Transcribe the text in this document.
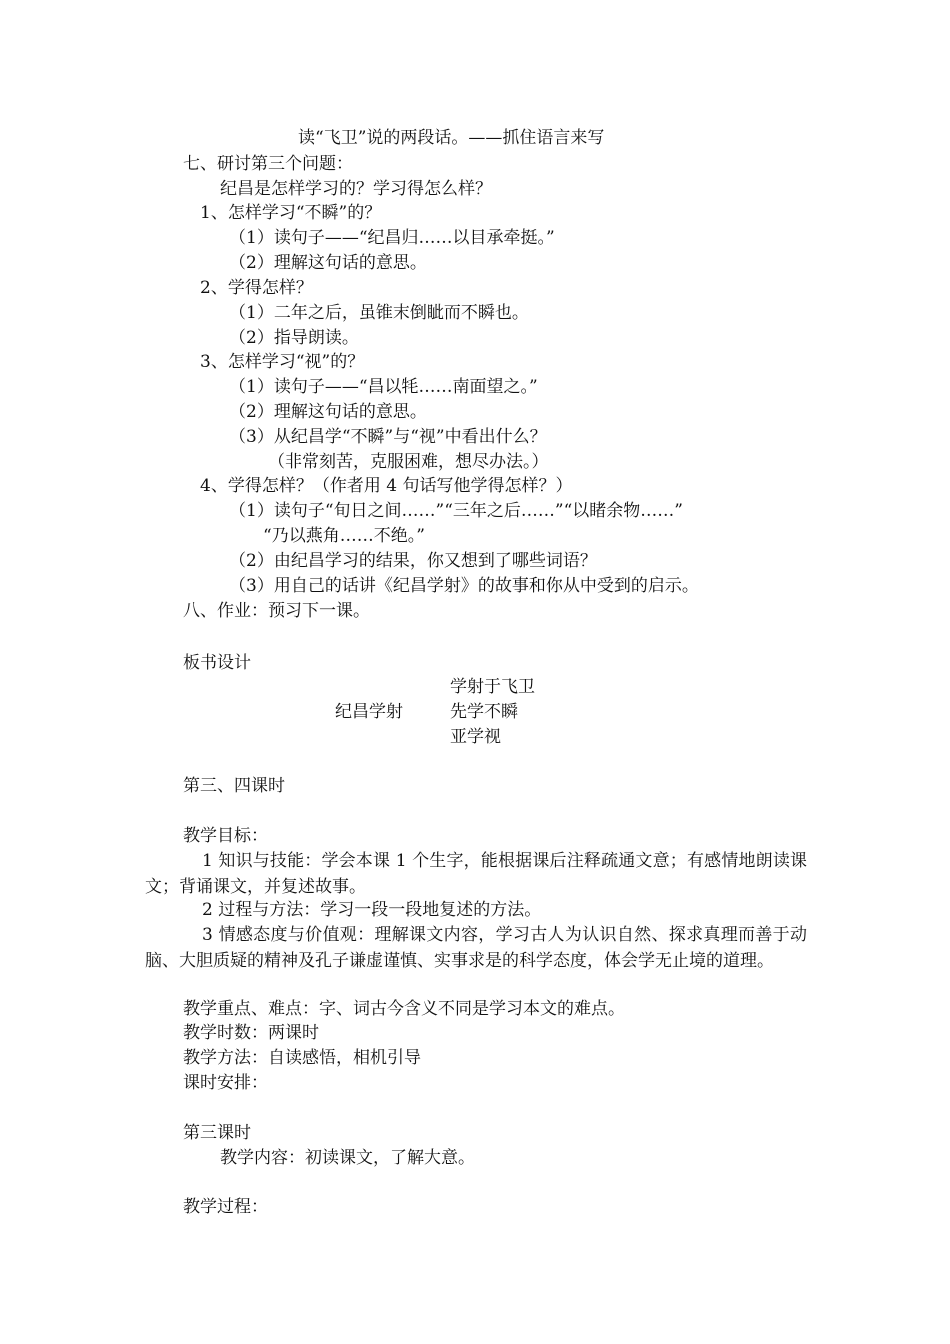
读“飞卫”说的两段话。——抓住语言来写
七、研讨第三个问题：
纪昌是怎样学习的？学习得怎么样？
1、怎样学习“不瞬”的？
（1）读句子——“纪昌归……以目承牵挺。”
（2）理解这句话的意思。
2、学得怎样？
（1）二年之后，虽锥末倒眦而不瞬也。
（2）指导朗读。
3、怎样学习“视”的？
（1）读句子——“昌以牦……南面望之。”
（2）理解这句话的意思。
（3）从纪昌学“不瞬”与“视”中看出什么？
（非常刻苦，克服困难，想尽办法。）
4、学得怎样？（作者用 4 句话写他学得怎样？）
（1）读句子“旬日之间……”“三年之后……”“以睹余物……”
“乃以燕角……不绝。”
（2）由纪昌学习的结果，你又想到了哪些词语？
（3）用自己的话讲《纪昌学射》的故事和你从中受到的启示。
八、作业：预习下一课。
板书设计
学射于飞卫
纪昌学射	先学不瞬
亚学视
第三、四课时
教学目标：
1 知识与技能：学会本课 1 个生字，能根据课后注释疏通文意；有感情地朗读课文；背诵课文，并复述故事。
2 过程与方法：学习一段一段地复述的方法。
3 情感态度与价值观：理解课文内容，学习古人为认识自然、探求真理而善于动脑、大胆质疑的精神及孔子谦虚谨慎、实事求是的科学态度，体会学无止境的道理。
教学重点、难点：字、词古今含义不同是学习本文的难点。
教学时数：两课时
教学方法：自读感悟，相机引导
课时安排：
第三课时
教学内容：初读课文，了解大意。
教学过程：
